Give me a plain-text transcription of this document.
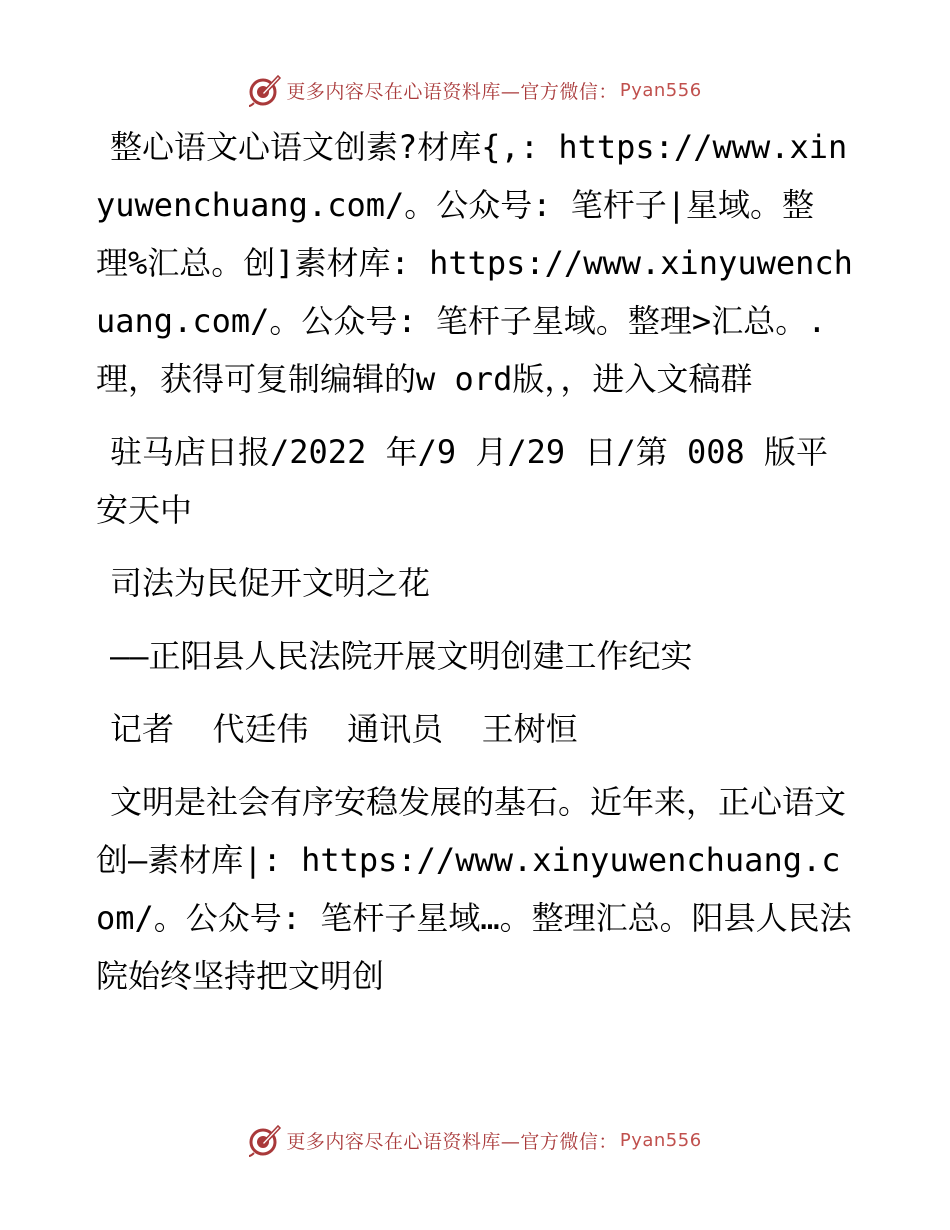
更多内容尽在心语资料库—官方微信： Pyan556

整心语文心语文创素?材库{,: https://www.xinyuwenchuang.com/。公众号: 笔杆子|星域。整理%汇总。创]素材库: https://www.xinyuwenchuang.com/。公众号: 笔杆子星域。整理>汇总。.理，获得可复制编辑的w ord版，，进入文稿群

驻马店日报/2022 年/9 月/29 日/第 008 版平安天中

司法为民促开文明之花

——正阳县人民法院开展文明创建工作纪实

记者  代廷伟  通讯员  王树恒

文明是社会有序安稳发展的基石。近年来，正心语文创—素材库|: https://www.xinyuwenchuang.com/。公众号: 笔杆子星域…。整理汇总。阳县人民法院始终坚持把文明创

更多内容尽在心语资料库—官方微信： Pyan556
